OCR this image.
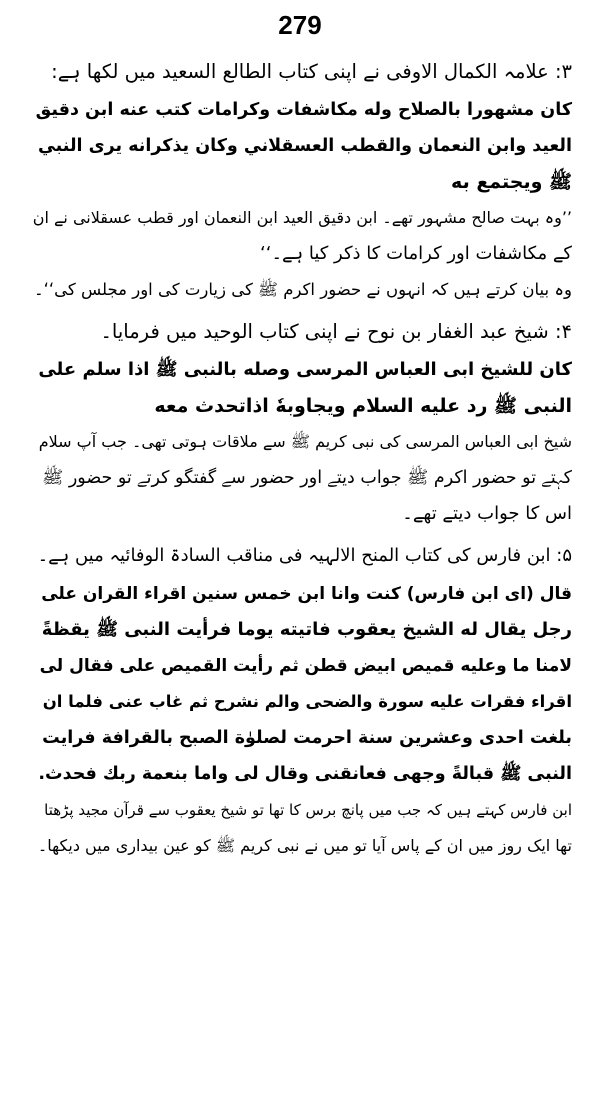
279
۳: علامہ الکمال الاوفی نے اپنی کتاب الطالع السعید میں لکھا ہے:
كان مشهورا بالصلاح وله مكاشفات وكرامات كتب عنه ابن دقيق
العيد وابن النعمان والقطب العسقلاني وكان يذكرانه يرى النبي
ﷺ ويجتمع به
’’وہ بہت صالح مشہور تھے۔ ابن دقیق العید ابن النعمان اور قطب عسقلانی نے ان
کے مکاشفات اور کرامات کا ذکر کیا ہے۔‘‘
وہ بیان کرتے ہیں کہ انہوں نے حضور اکرم ﷺ کی زیارت کی اور مجلس کی‘‘۔
۴: شیخ عبد الغفار بن نوح نے اپنی کتاب الوحید میں فرمایا۔
كان للشيخ ابى العباس المرسى وصله بالنبى ﷺ اذا سلم على
النبى ﷺ رد عليه السلام ويجاوبهٗ اذاتحدث معه
شیخ ابی العباس المرسی کی نبی کریم ﷺ سے ملاقات ہوتی تھی۔ جب آپ سلام
کہتے تو حضور اکرم ﷺ جواب دیتے اور حضور سے گفتگو کرتے تو حضور ﷺ
اس کا جواب دیتے تھے۔
۵: ابن فارس کی کتاب المنح الالہیہ فی مناقب السادۃ الوفائیہ میں ہے۔
قال (اى ابن فارس) كنت وانا ابن خمس سنين اقراء القران على
رجل يقال له الشيخ يعقوب فاتيته يوما فرأيت النبى ﷺ يقظةً
لامنا ما وعليه قميص ابيض قطن ثم رأيت القميص على فقال لى
اقراء فقرات عليه سورة والضحى والم نشرح ثم غاب عنى فلما ان
بلغت احدى وعشرين سنة احرمت لصلوٰة الصبح بالقرافة فرايت
النبى ﷺ قبالةً وجهى فعانقنى وقال لى واما بنعمة ربك فحدث.
ابن فارس کہتے ہیں کہ جب میں پانچ برس کا تھا تو شیخ یعقوب سے قرآن مجید پڑھتا
تھا ایک روز میں ان کے پاس آیا تو میں نے نبی کریم ﷺ کو عین بیداری میں دیکھا۔
